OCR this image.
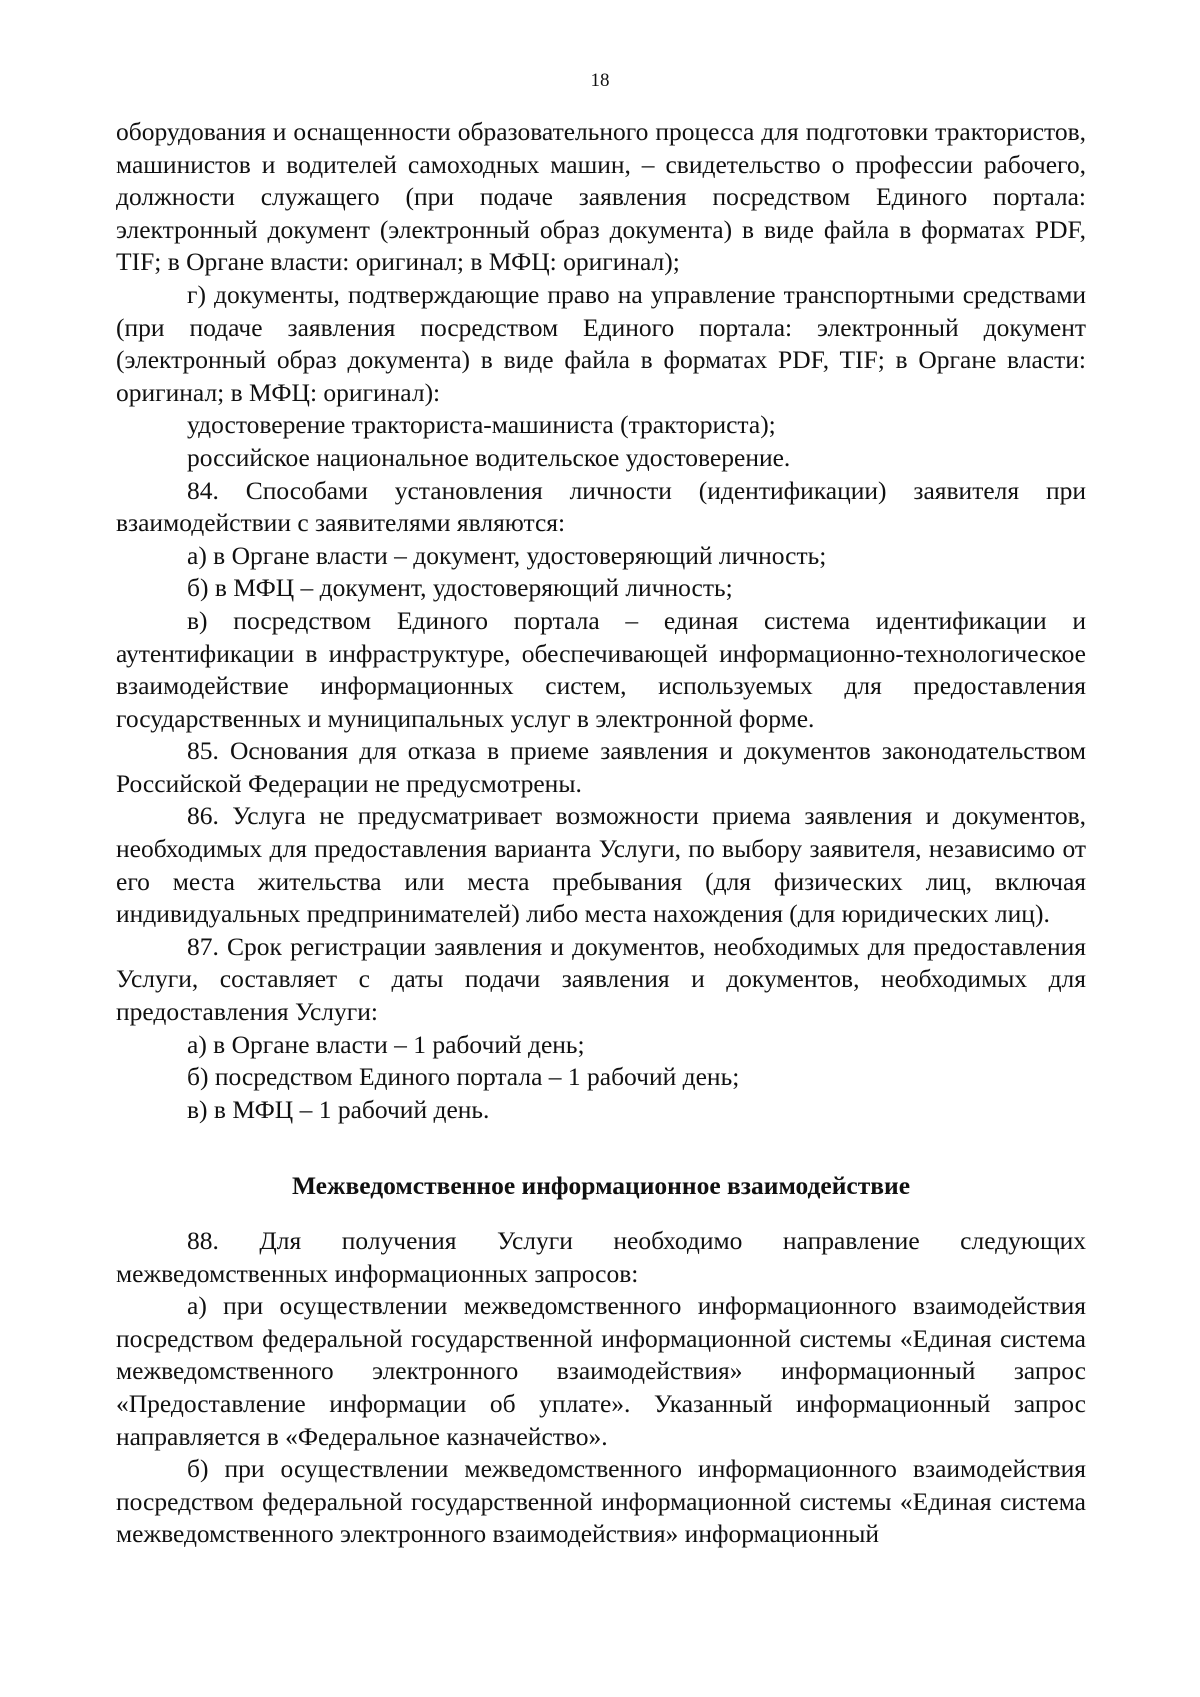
18

оборудования и оснащенности образовательного процесса для подготовки трактористов, машинистов и водителей самоходных машин, – свидетельство о профессии рабочего, должности служащего (при подаче заявления посредством Единого портала: электронный документ (электронный образ документа) в виде файла в форматах PDF, TIF; в Органе власти: оригинал; в МФЦ: оригинал);

г) документы, подтверждающие право на управление транспортными средствами (при подаче заявления посредством Единого портала: электронный документ (электронный образ документа) в виде файла в форматах PDF, TIF; в Органе власти: оригинал; в МФЦ: оригинал):

удостоверение тракториста-машиниста (тракториста);

российское национальное водительское удостоверение.

84. Способами установления личности (идентификации) заявителя при взаимодействии с заявителями являются:

а) в Органе власти – документ, удостоверяющий личность;

б) в МФЦ – документ, удостоверяющий личность;

в) посредством Единого портала – единая система идентификации и аутентификации в инфраструктуре, обеспечивающей информационно-технологическое взаимодействие информационных систем, используемых для предоставления государственных и муниципальных услуг в электронной форме.

85. Основания для отказа в приеме заявления и документов законодательством Российской Федерации не предусмотрены.

86. Услуга не предусматривает возможности приема заявления и документов, необходимых для предоставления варианта Услуги, по выбору заявителя, независимо от его места жительства или места пребывания (для физических лиц, включая индивидуальных предпринимателей) либо места нахождения (для юридических лиц).

87. Срок регистрации заявления и документов, необходимых для предоставления Услуги, составляет с даты подачи заявления и документов, необходимых для предоставления Услуги:

а) в Органе власти – 1 рабочий день;

б) посредством Единого портала – 1 рабочий день;

в) в МФЦ – 1 рабочий день.

Межведомственное информационное взаимодействие

88. Для получения Услуги необходимо направление следующих межведомственных информационных запросов:

а) при осуществлении межведомственного информационного взаимодействия посредством федеральной государственной информационной системы «Единая система межведомственного электронного взаимодействия» информационный запрос «Предоставление информации об уплате». Указанный информационный запрос направляется в «Федеральное казначейство».

б) при осуществлении межведомственного информационного взаимодействия посредством федеральной государственной информационной системы «Единая система межведомственного электронного взаимодействия» информационный
